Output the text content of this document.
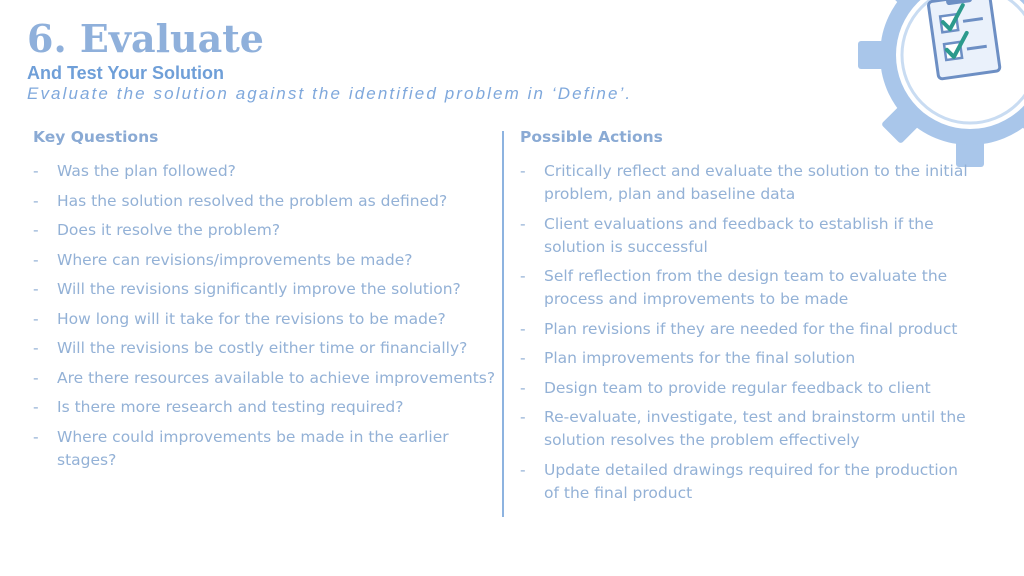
6. Evaluate
And Test Your Solution
Evaluate the solution against the identified problem in ‘Define’.
Key Questions
- Was the plan followed?
- Has the solution resolved the problem as defined?
- Does it resolve the problem?
- Where can revisions/improvements be made?
- Will the revisions significantly improve the solution?
- How long will it take for the revisions to be made?
- Will the revisions be costly either time or financially?
- Are there resources available to achieve improvements?
- Is there more research and testing required?
- Where could improvements be made in the earlier stages?
Possible Actions
- Critically reflect and evaluate the solution to the initial problem, plan and baseline data
- Client evaluations and feedback to establish if the solution is successful
- Self reflection from the design team to evaluate the process and improvements to be made
- Plan revisions if they are needed for the final product
- Plan improvements for the final solution
- Design team to provide regular feedback to client
- Re-evaluate, investigate, test and brainstorm until the solution resolves the problem effectively
- Update detailed drawings required for the production of the final product
